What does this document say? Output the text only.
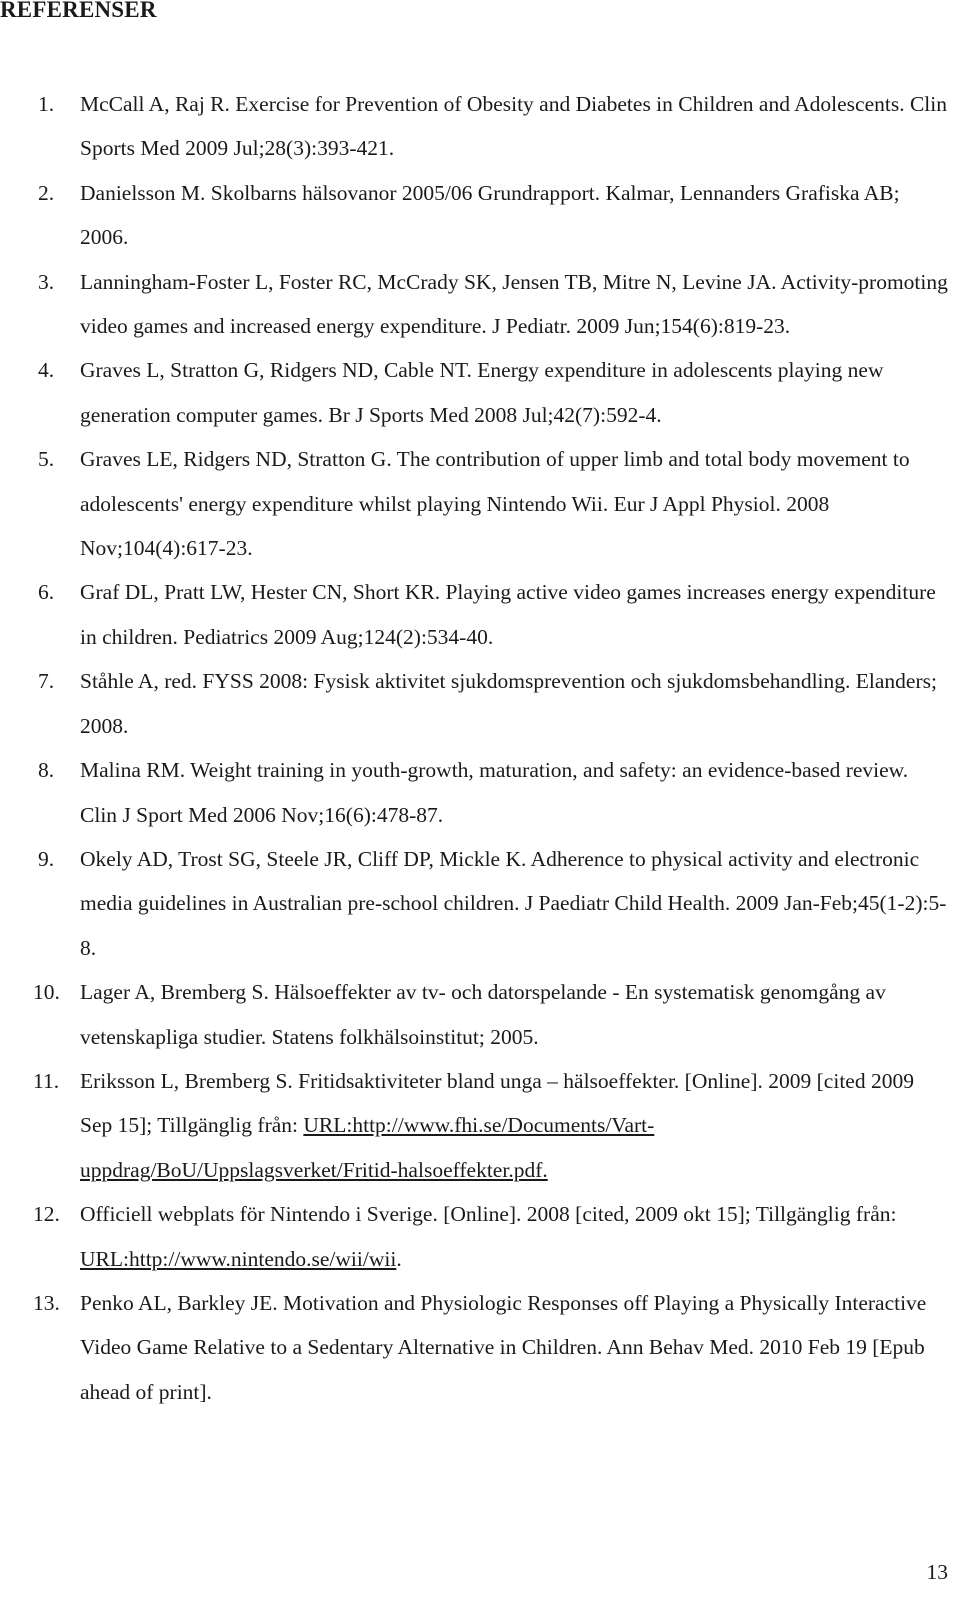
REFERENSER
1. McCall A, Raj R. Exercise for Prevention of Obesity and Diabetes in Children and Adolescents. Clin Sports Med 2009 Jul;28(3):393-421.
2. Danielsson M. Skolbarns hälsovanor 2005/06 Grundrapport. Kalmar, Lennanders Grafiska AB; 2006.
3. Lanningham-Foster L, Foster RC, McCrady SK, Jensen TB, Mitre N, Levine JA. Activity-promoting video games and increased energy expenditure. J Pediatr. 2009 Jun;154(6):819-23.
4. Graves L, Stratton G, Ridgers ND, Cable NT. Energy expenditure in adolescents playing new generation computer games. Br J Sports Med 2008 Jul;42(7):592-4.
5. Graves LE, Ridgers ND, Stratton G. The contribution of upper limb and total body movement to adolescents' energy expenditure whilst playing Nintendo Wii. Eur J Appl Physiol. 2008 Nov;104(4):617-23.
6. Graf DL, Pratt LW, Hester CN, Short KR. Playing active video games increases energy expenditure in children. Pediatrics 2009 Aug;124(2):534-40.
7. Ståhle A, red. FYSS 2008: Fysisk aktivitet sjukdomsprevention och sjukdomsbehandling. Elanders; 2008.
8. Malina RM. Weight training in youth-growth, maturation, and safety: an evidence-based review. Clin J Sport Med 2006 Nov;16(6):478-87.
9. Okely AD, Trost SG, Steele JR, Cliff DP, Mickle K. Adherence to physical activity and electronic media guidelines in Australian pre-school children. J Paediatr Child Health. 2009 Jan-Feb;45(1-2):5-8.
10. Lager A, Bremberg S. Hälsoeffekter av tv- och datorspelande - En systematisk genomgång av vetenskapliga studier. Statens folkhälsoinstitut; 2005.
11. Eriksson L, Bremberg S. Fritidsaktiviteter bland unga – hälsoeffekter. [Online]. 2009 [cited 2009 Sep 15]; Tillgänglig från: URL:http://www.fhi.se/Documents/Vart-uppdrag/BoU/Uppslagsverket/Fritid-halsoeffekter.pdf.
12. Officiell webplats för Nintendo i Sverige. [Online]. 2008 [cited, 2009 okt 15]; Tillgänglig från: URL:http://www.nintendo.se/wii/wii.
13. Penko AL, Barkley JE. Motivation and Physiologic Responses off Playing a Physically Interactive Video Game Relative to a Sedentary Alternative in Children. Ann Behav Med. 2010 Feb 19 [Epub ahead of print].
13
